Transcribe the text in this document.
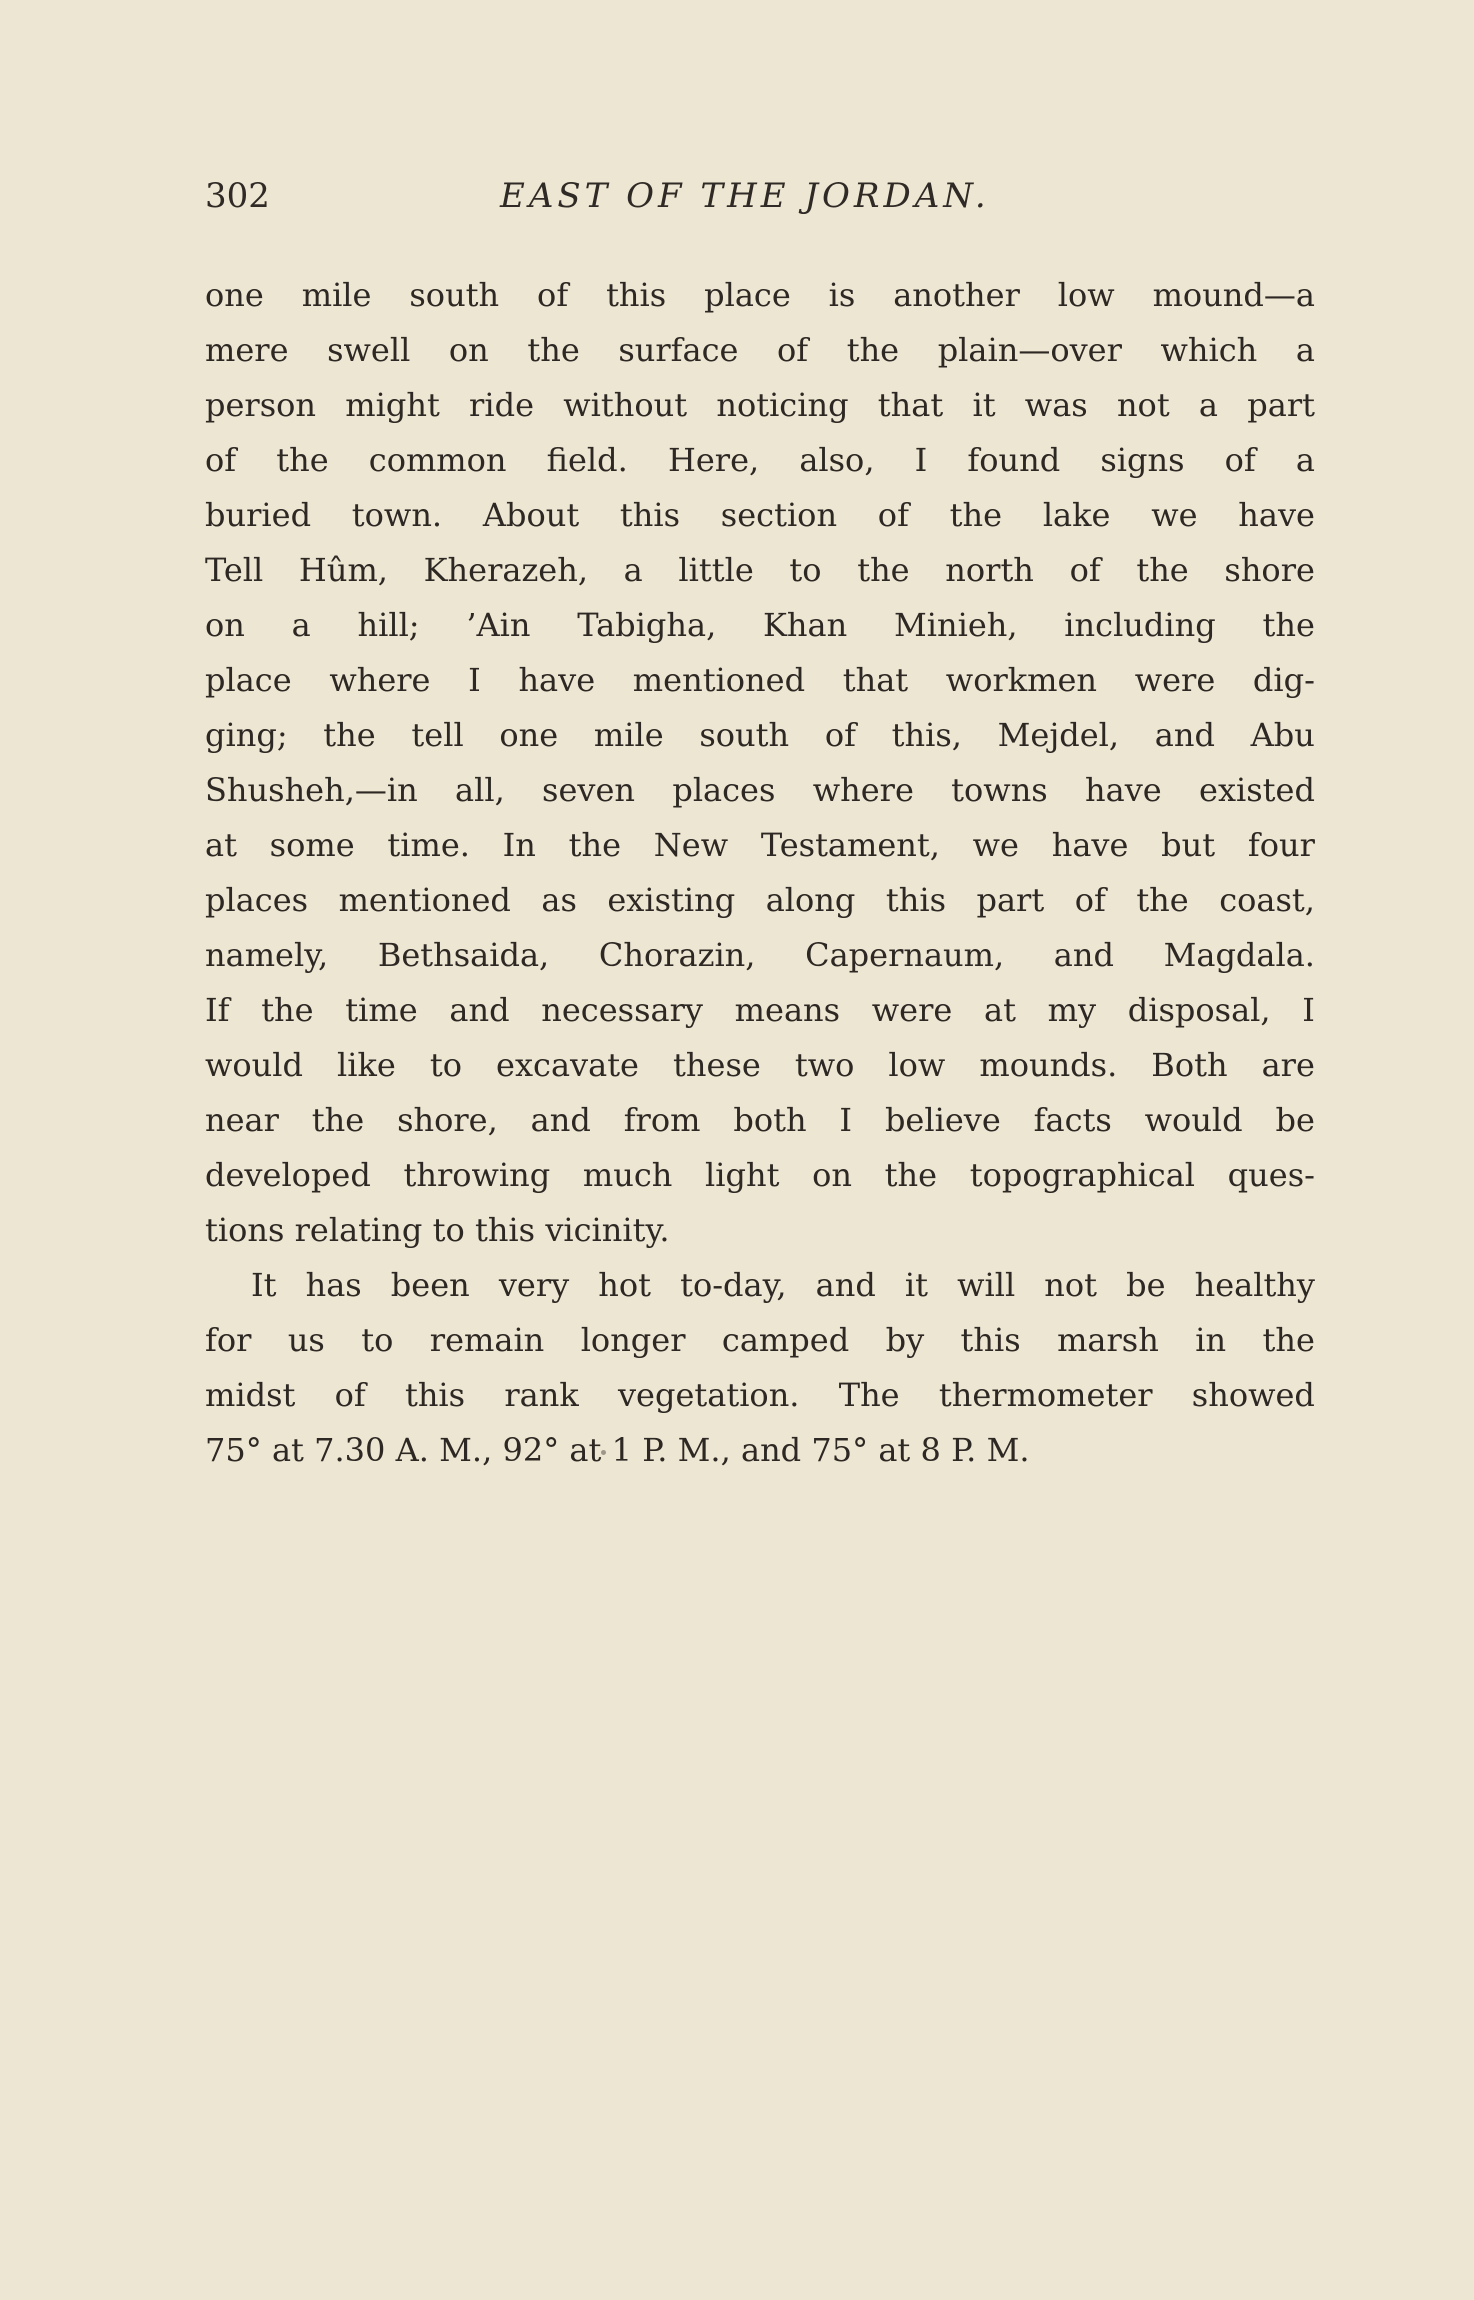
302	EAST OF THE JORDAN.
one mile south of this place is another low mound—a
mere swell on the surface of the plain—over which a
person might ride without noticing that it was not a part
of the common field. Here, also, I found signs of a
buried town. About this section of the lake we have
Tell Hûm, Kherazeh, a little to the north of the shore
on a hill; ’Ain Tabigha, Khan Minieh, including the
place where I have mentioned that workmen were dig-
ging; the tell one mile south of this, Mejdel, and Abu
Shusheh,—in all, seven places where towns have existed
at some time. In the New Testament, we have but four
places mentioned as existing along this part of the coast,
namely, Bethsaida, Chorazin, Capernaum, and Magdala.
If the time and necessary means were at my disposal, I
would like to excavate these two low mounds. Both are
near the shore, and from both I believe facts would be
developed throwing much light on the topographical ques-
tions relating to this vicinity.
It has been very hot to-day, and it will not be healthy
for us to remain longer camped by this marsh in the
midst of this rank vegetation. The thermometer showed
75° at 7.30 A. M., 92° at 1 P. M., and 75° at 8 P. M.
